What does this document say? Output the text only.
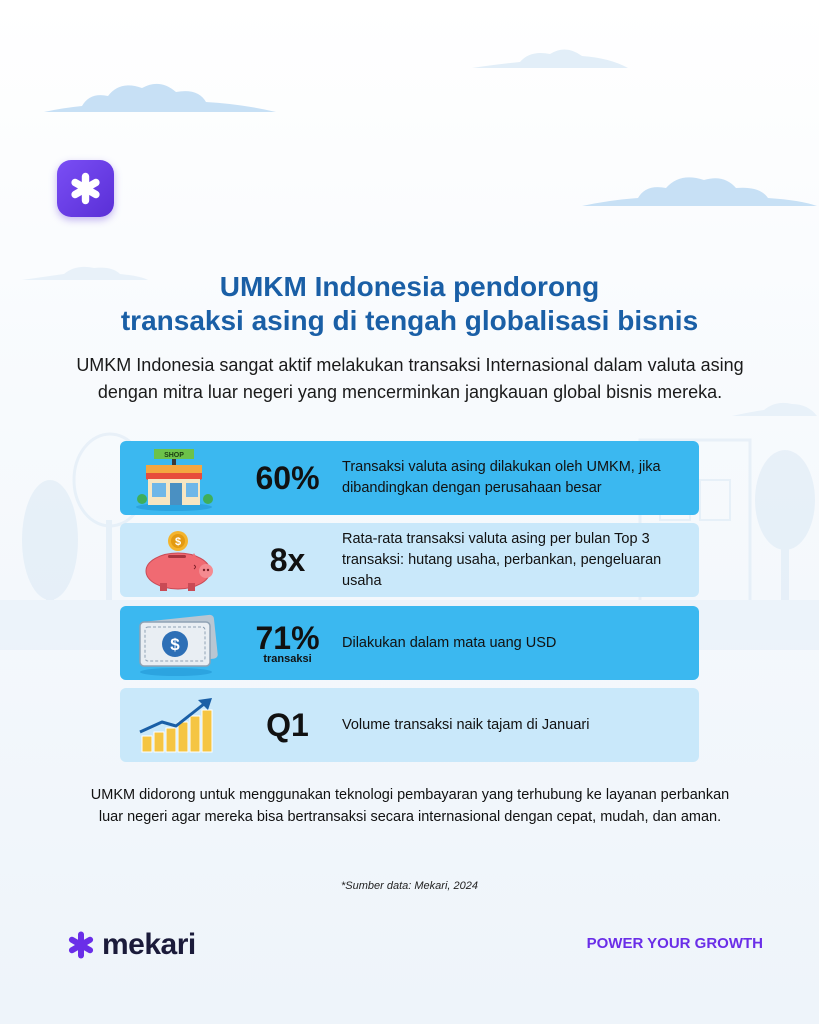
UMKM Indonesia pendorong
transaksi asing di tengah globalisasi bisnis
UMKM Indonesia sangat aktif melakukan transaksi Internasional dalam valuta asing dengan mitra luar negeri yang mencerminkan jangkauan global bisnis mereka.
SHOP
60% Transaksi valuta asing dilakukan oleh UMKM, jika dibandingkan dengan perusahaan besar
$	8x
Rata-rata transaksi valuta asing per bulan Top 3 transaksi: hutang usaha, perbankan, pengeluaran usaha
$ 71%
transaksi
Dilakukan dalam mata uang USD
Q1 Volume transaksi naik tajam di Januari
UMKM didorong untuk menggunakan teknologi pembayaran yang terhubung ke layanan perbankan luar negeri agar mereka bisa bertransaksi secara internasional dengan cepat, mudah, dan aman.
*Sumber data: Mekari, 2024
mekari	POWER YOUR GROWTH
